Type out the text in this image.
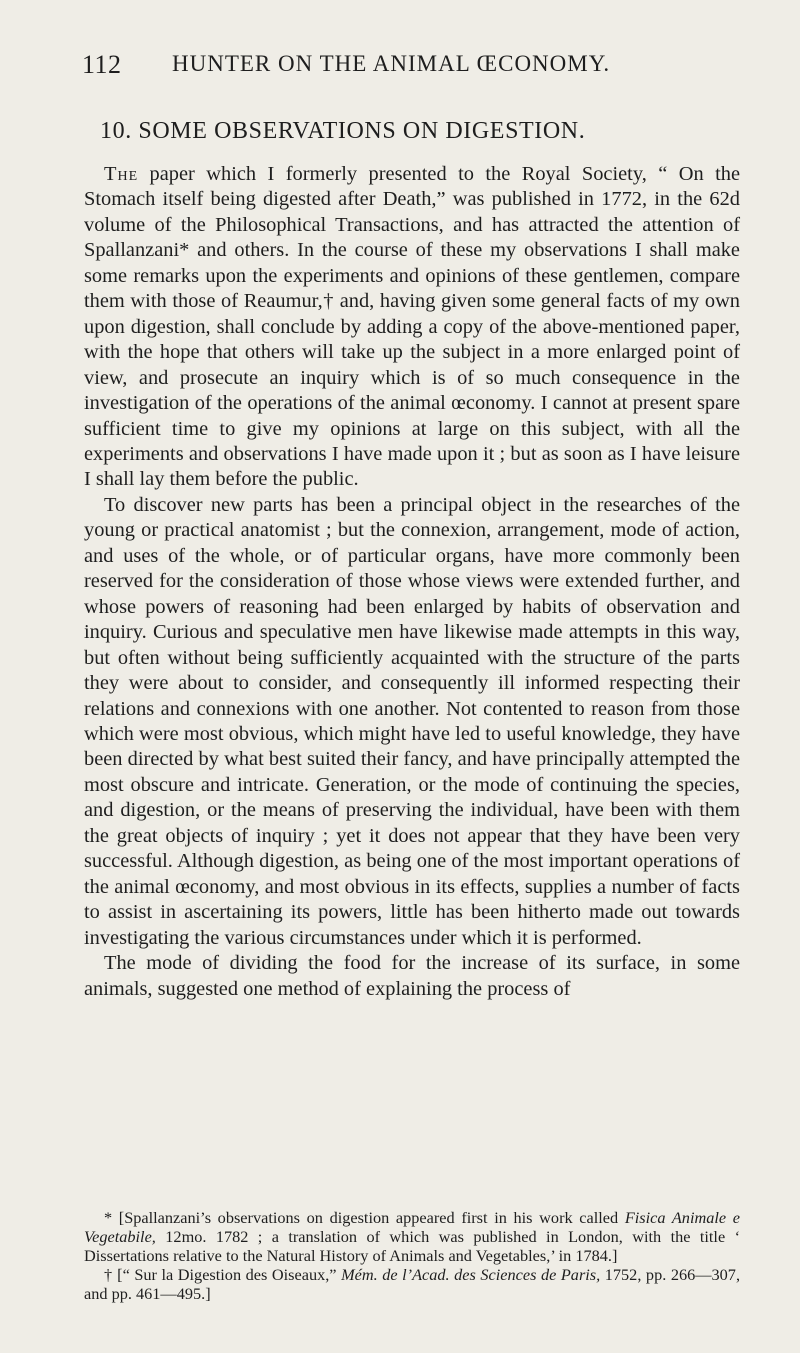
112 HUNTER ON THE ANIMAL ŒCONOMY.
10. SOME OBSERVATIONS ON DIGESTION.

The paper which I formerly presented to the Royal Society, “ On the Stomach itself being digested after Death,” was published in 1772, in the 62d volume of the Philosophical Transactions, and has attracted the attention of Spallanzani* and others. In the course of these my observations I shall make some remarks upon the experiments and opinions of these gentlemen, compare them with those of Reaumur,† and, having given some general facts of my own upon digestion, shall conclude by adding a copy of the above-mentioned paper, with the hope that others will take up the subject in a more enlarged point of view, and prosecute an inquiry which is of so much consequence in the investigation of the operations of the animal œconomy. I cannot at present spare sufficient time to give my opinions at large on this subject, with all the experiments and observations I have made upon it ; but as soon as I have leisure I shall lay them before the public.

To discover new parts has been a principal object in the researches of the young or practical anatomist ; but the connexion, arrangement, mode of action, and uses of the whole, or of particular organs, have more commonly been reserved for the consideration of those whose views were extended further, and whose powers of reasoning had been enlarged by habits of observation and inquiry. Curious and speculative men have likewise made attempts in this way, but often without being sufficiently acquainted with the structure of the parts they were about to consider, and consequently ill informed respecting their relations and connexions with one another. Not contented to reason from those which were most obvious, which might have led to useful knowledge, they have been directed by what best suited their fancy, and have principally attempted the most obscure and intricate. Generation, or the mode of continuing the species, and digestion, or the means of preserving the individual, have been with them the great objects of inquiry ; yet it does not appear that they have been very successful. Although digestion, as being one of the most important operations of the animal œconomy, and most obvious in its effects, supplies a number of facts to assist in ascertaining its powers, little has been hitherto made out towards investigating the various circumstances under which it is performed.

The mode of dividing the food for the increase of its surface, in some animals, suggested one method of explaining the process of

* [Spallanzani’s observations on digestion appeared first in his work called Fisica Animale e Vegetabile, 12mo. 1782 ; a translation of which was published in London, with the title ‘ Dissertations relative to the Natural History of Animals and Vegetables,’ in 1784.]

† [“ Sur la Digestion des Oiseaux,” Mém. de l’Acad. des Sciences de Paris, 1752, pp. 266—307, and pp. 461—495.]
